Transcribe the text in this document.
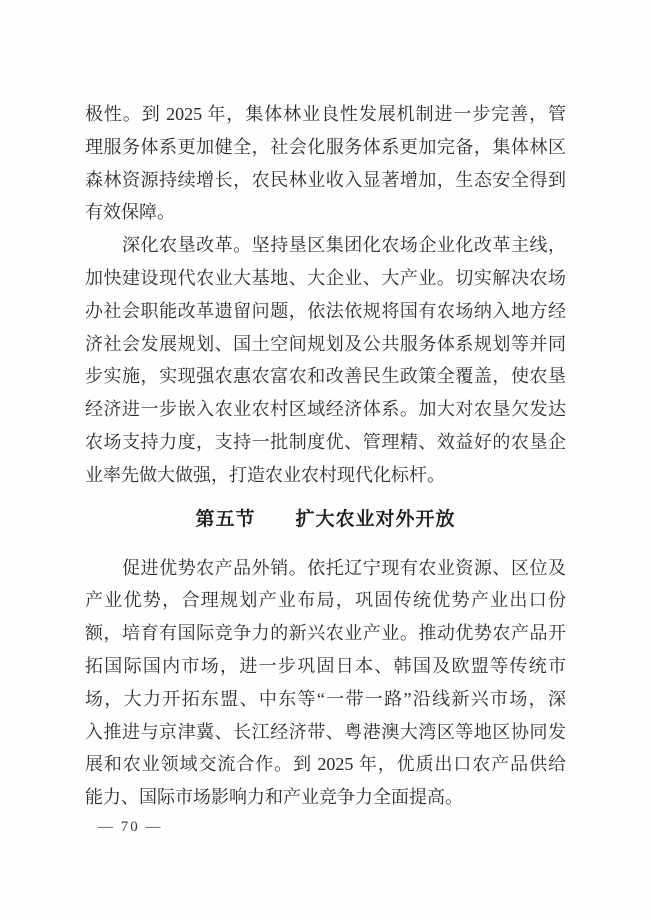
极性。到 2025 年，集体林业良性发展机制进一步完善，管
理服务体系更加健全，社会化服务体系更加完备，集体林区
森林资源持续增长，农民林业收入显著增加，生态安全得到
有效保障。
　　深化农垦改革。坚持垦区集团化农场企业化改革主线，
加快建设现代农业大基地、大企业、大产业。切实解决农场
办社会职能改革遗留问题，依法依规将国有农场纳入地方经
济社会发展规划、国土空间规划及公共服务体系规划等并同
步实施，实现强农惠农富农和改善民生政策全覆盖，使农垦
经济进一步嵌入农业农村区域经济体系。加大对农垦欠发达
农场支持力度，支持一批制度优、管理精、效益好的农垦企
业率先做大做强，打造农业农村现代化标杆。
第五节　　扩大农业对外开放
　　促进优势农产品外销。依托辽宁现有农业资源、区位及
产业优势，合理规划产业布局，巩固传统优势产业出口份
额，培育有国际竞争力的新兴农业产业。推动优势农产品开
拓国际国内市场，进一步巩固日本、韩国及欧盟等传统市
场，大力开拓东盟、中东等“一带一路”沿线新兴市场，深
入推进与京津冀、长江经济带、粤港澳大湾区等地区协同发
展和农业领域交流合作。到 2025 年，优质出口农产品供给
能力、国际市场影响力和产业竞争力全面提高。
— 70 —
